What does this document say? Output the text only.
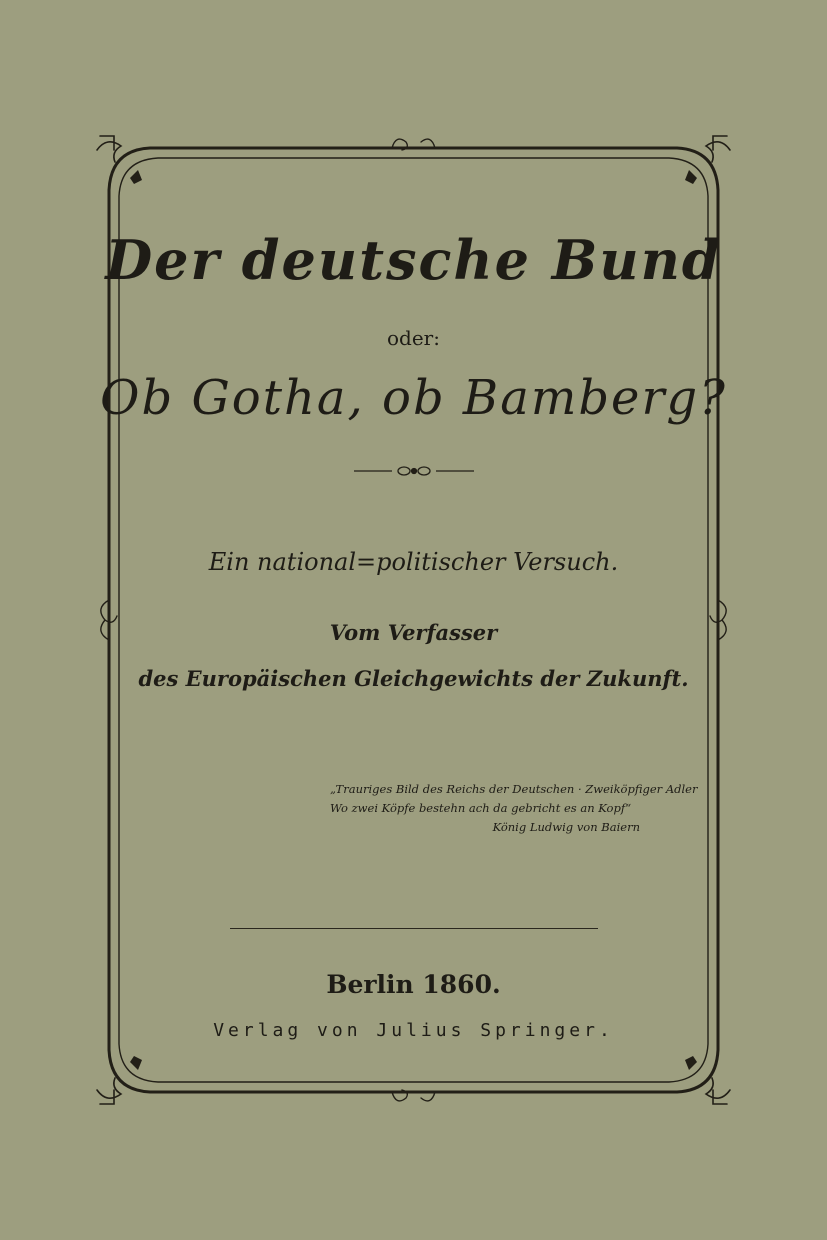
Der deutsche Bund
oder:
Ob Gotha, ob Bamberg?
Ein national=politischer Versuch.
Vom Verfasser
des Europäischen Gleichgewichts der Zukunft.
„Trauriges Bild des Reichs der Deutschen · Zweiköpfiger Adler
Wo zwei Köpfe bestehn ach da gebricht es an Kopf“
König Ludwig von Baiern
Berlin 1860.
Verlag von Julius Springer.
